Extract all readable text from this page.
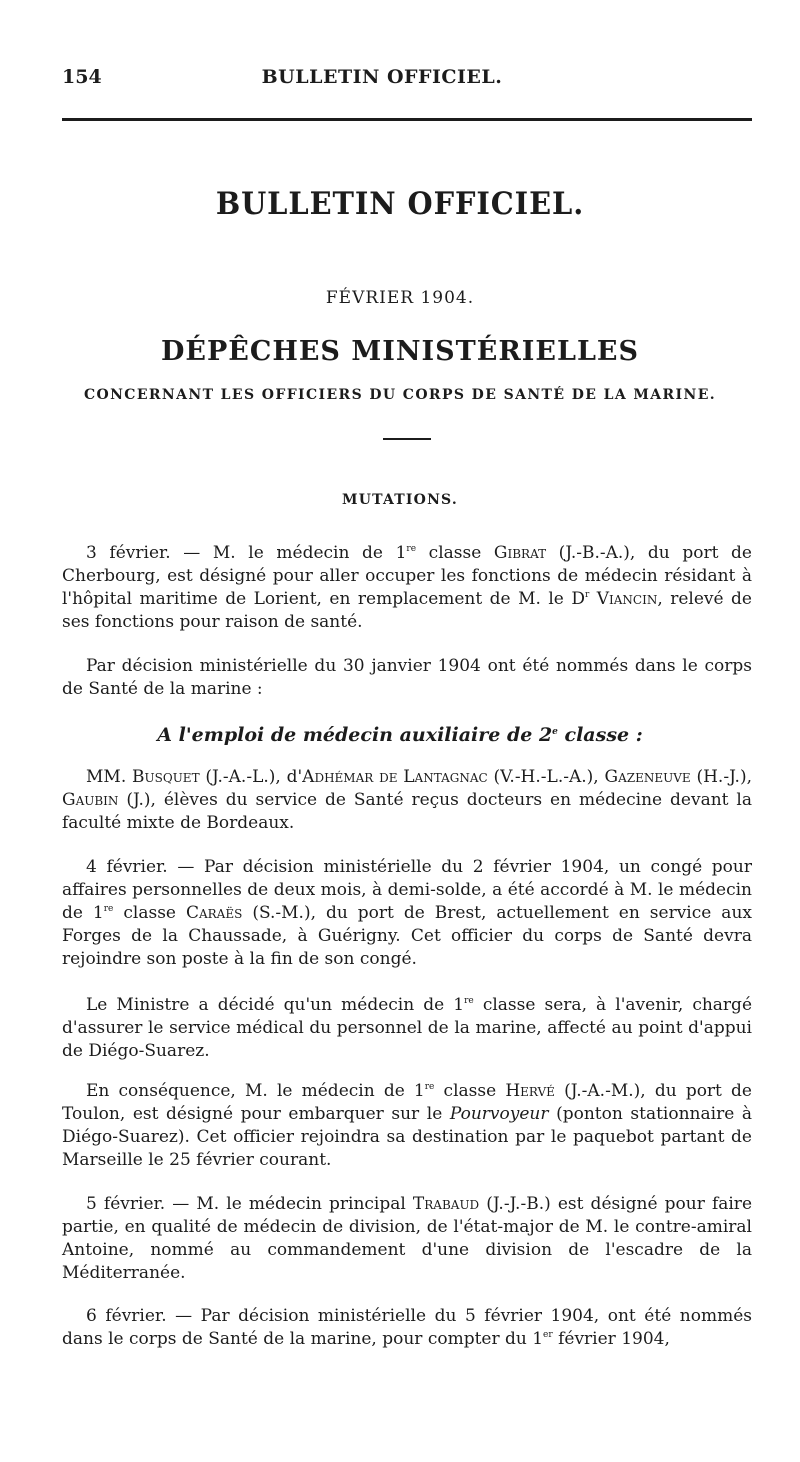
154	BULLETIN OFFICIEL.
BULLETIN OFFICIEL.
FÉVRIER 1904.
DÉPÊCHES MINISTÉRIELLES
CONCERNANT LES OFFICIERS DU CORPS DE SANTÉ DE LA MARINE.
MUTATIONS.

3 février. — M. le médecin de 1re classe Gibrat (J.-B.-A.), du port de Cherbourg, est désigné pour aller occuper les fonctions de médecin résidant à l'hôpital maritime de Lorient, en remplacement de M. le $D^r$ Viancin, relevé de ses fonctions pour raison de santé.

Par décision ministérielle du 30 janvier 1904 ont été nommés dans le corps de Santé de la marine :

A l'emploi de médecin auxiliaire de 2e classe :

MM. Busquet (J.-A.-L.), d'Adhémar de Lantagnac (V.-H.-L.-A.), Gazeneuve (H.-J.), Gaubin (J.), élèves du service de Santé reçus docteurs en médecine devant la faculté mixte de Bordeaux.

4 février. — Par décision ministérielle du 2 février 1904, un congé pour affaires personnelles de deux mois, à demi-solde, a été accordé à M. le médecin de 1re classe Caraës (S.-M.), du port de Brest, actuellement en service aux Forges de la Chaussade, à Guérigny. Cet officier du corps de Santé devra rejoindre son poste à la fin de son congé.

Le Ministre a décidé qu'un médecin de 1re classe sera, à l'avenir, chargé d'assurer le service médical du personnel de la marine, affecté au point d'appui de Diégo-Suarez.

En conséquence, M. le médecin de 1re classe Hervé (J.-A.-M.), du port de Toulon, est désigné pour embarquer sur le Pourvoyeur (ponton stationnaire à Diégo-Suarez). Cet officier rejoindra sa destination par le paquebot partant de Marseille le 25 février courant.

5 février. — M. le médecin principal Trabaud (J.-J.-B.) est désigné pour faire partie, en qualité de médecin de division, de l'état-major de M. le contre-amiral Antoine, nommé au commandement d'une division de l'escadre de la Méditerranée.

6 février. — Par décision ministérielle du 5 février 1904, ont été nommés dans le corps de Santé de la marine, pour compter du 1er février 1904,
